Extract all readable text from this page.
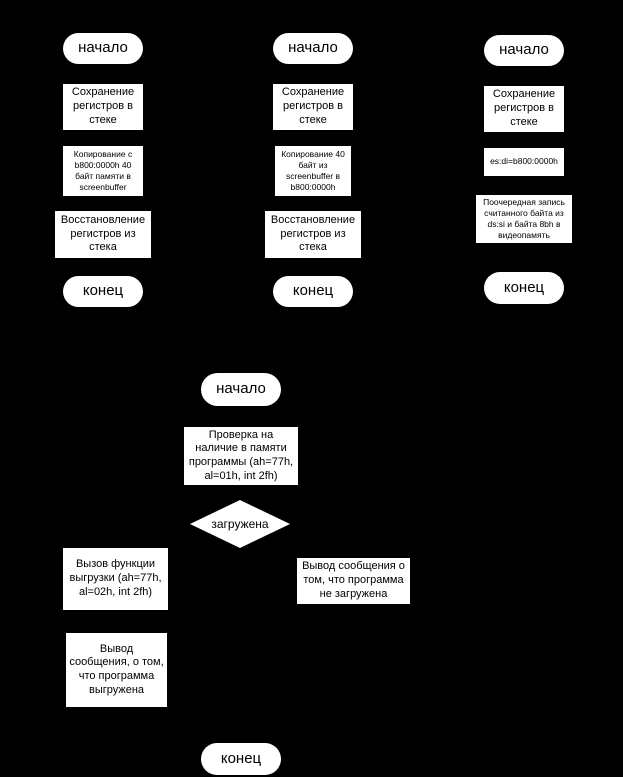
начало
Сохранение регистров в стеке
Копирование с b800:0000h 40 байт памяти в screenbuffer
Восстановление регистров из стека
конец
начало
Сохранение регистров в стеке
Копирование 40 байт из screenbuffer в b800:0000h
Восстановление регистров из стека
конец
начало
Сохранение регистров в стеке
es:di=b800:0000h
Поочередная запись считанного байта из ds:si и байта 8bh в видеопамять
конец
начало
Проверка на наличие в памяти программы (ah=77h, al=01h, int 2fh)
загружена
Вызов функции выгрузки (ah=77h, al=02h, int 2fh)
Вывод сообщения о том, что программа не загружена
Вывод сообщения, о том, что программа выгружена
конец
